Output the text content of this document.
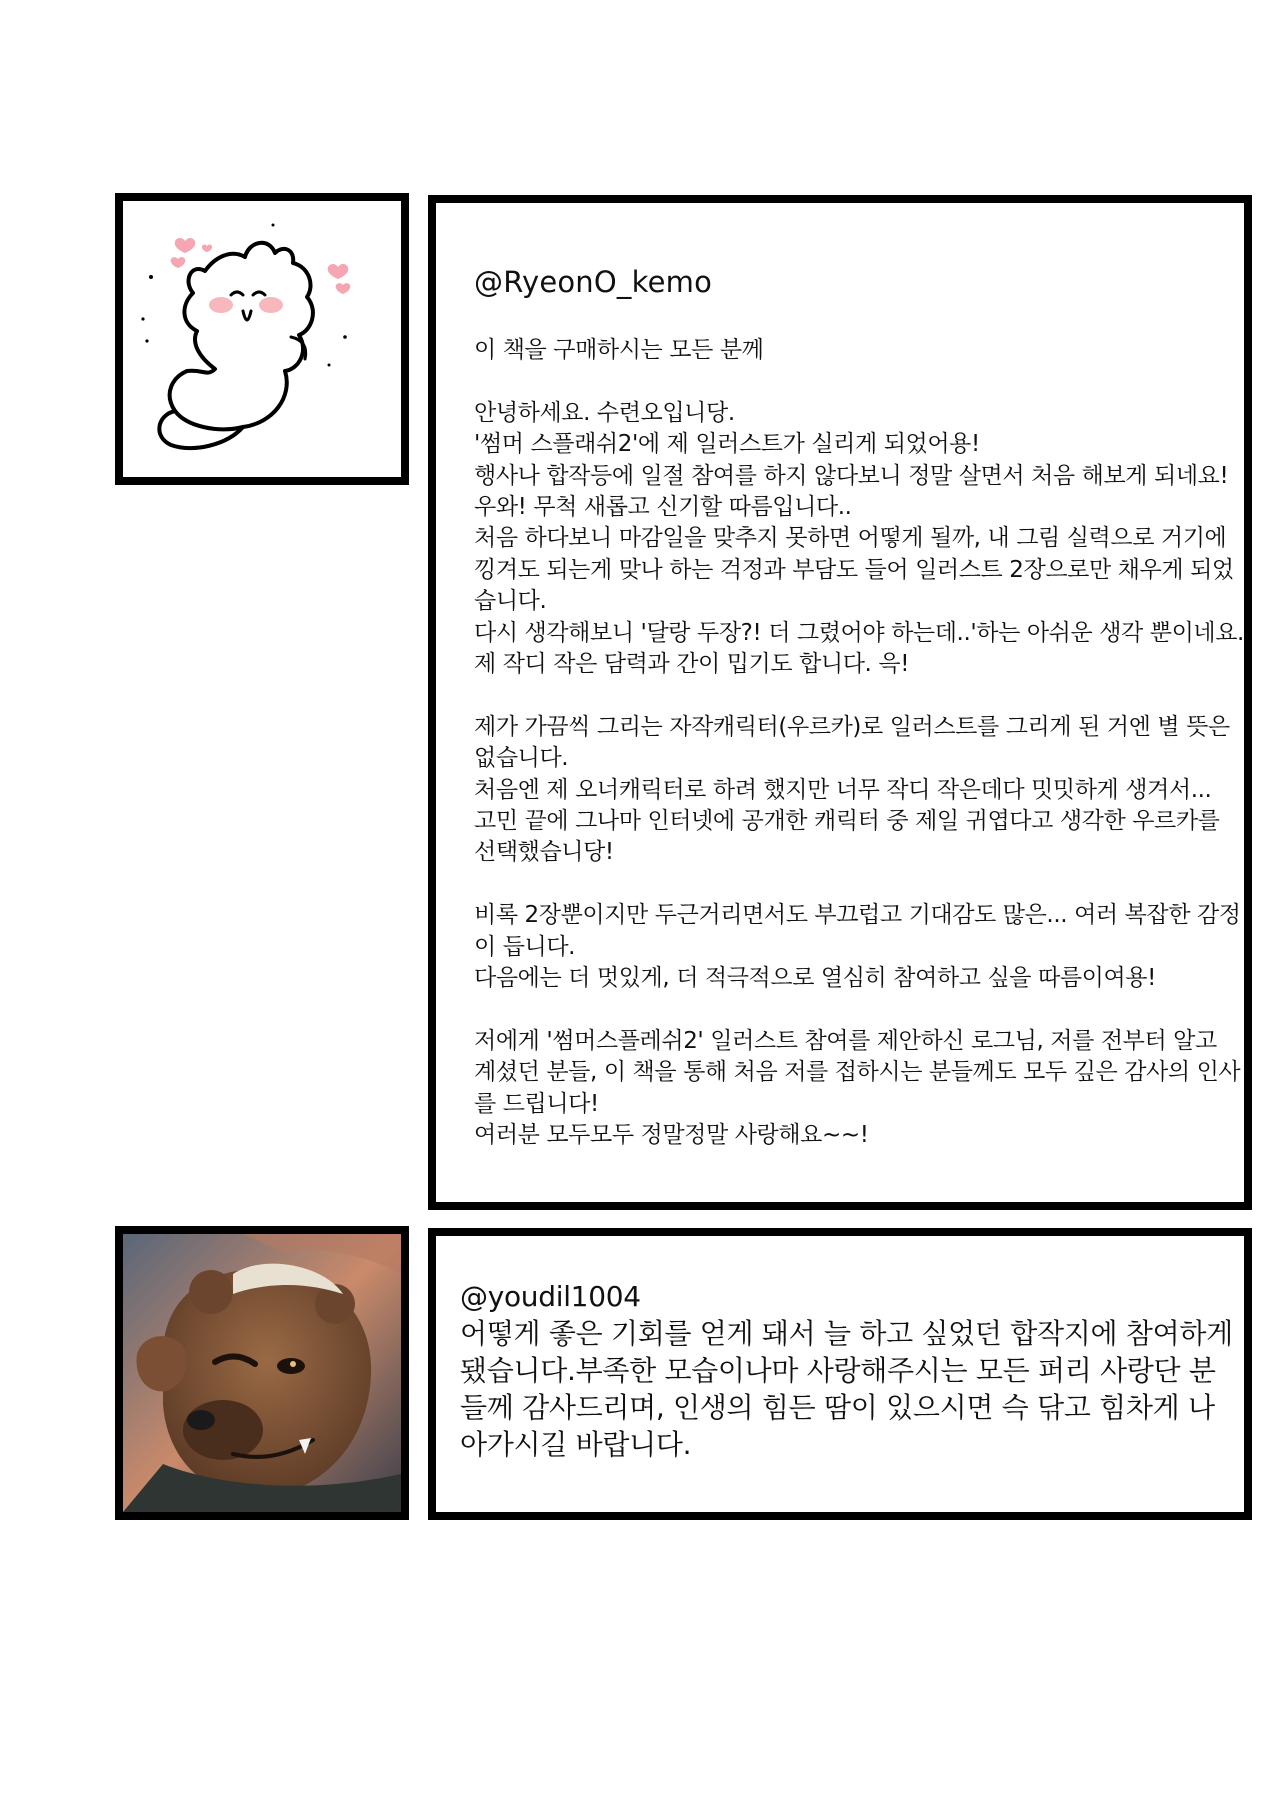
@RyeonO_kemo

이 책을 구매하시는 모든 분께

안녕하세요. 수련오입니당.

'썸머 스플래쉬2'에 제 일러스트가 실리게 되었어용!

행사나 합작등에 일절 참여를 하지 않다보니 정말 살면서 처음 해보게 되네요! 우와! 무척 새롭고 신기할 따름입니다..

처음 하다보니 마감일을 맞추지 못하면 어떻게 될까, 내 그림 실력으로 거기에 낑겨도 되는게 맞나 하는 걱정과 부담도 들어 일러스트 2장으로만 채우게 되었습니다.

다시 생각해보니 '달랑 두장?! 더 그렸어야 하는데..'하는 아쉬운 생각 뿐이네요. 제 작디 작은 담력과 간이 밉기도 합니다. 윽!

제가 가끔씩 그리는 자작캐릭터(우르카)로 일러스트를 그리게 된 거엔 별 뜻은 없습니다.

처음엔 제 오너캐릭터로 하려 했지만 너무 작디 작은데다 밋밋하게 생겨서...

고민 끝에 그나마 인터넷에 공개한 캐릭터 중 제일 귀엽다고 생각한 우르카를 선택했습니당!

비록 2장뿐이지만 두근거리면서도 부끄럽고 기대감도 많은... 여러 복잡한 감정이 듭니다.

다음에는 더 멋있게, 더 적극적으로 열심히 참여하고 싶을 따름이여용!

저에게 '썸머스플레쉬2' 일러스트 참여를 제안하신 로그님, 저를 전부터 알고 계셨던 분들, 이 책을 통해 처음 저를 접하시는 분들께도 모두 깊은 감사의 인사를 드립니다!

여러분 모두모두 정말정말 사랑해요~~!

@youdil1004

어떻게 좋은 기회를 얻게 돼서 늘 하고 싶었던 합작지에 참여하게 됐습니다.부족한 모습이나마 사랑해주시는 모든 퍼리 사랑단 분들께 감사드리며, 인생의 힘든 땀이 있으시면 슥 닦고 힘차게 나아가시길 바랍니다.
